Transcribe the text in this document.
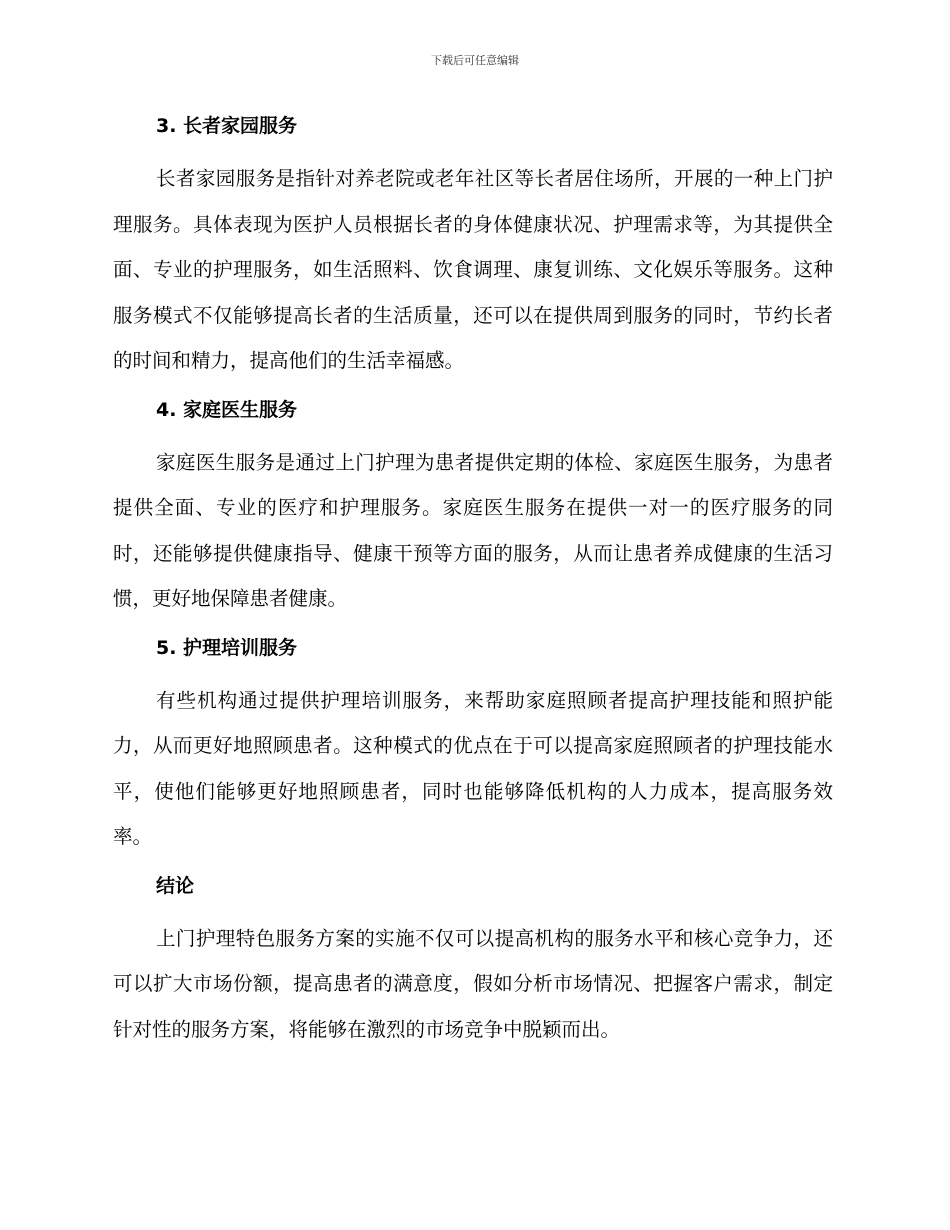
下载后可任意编辑
3. 长者家园服务

长者家园服务是指针对养老院或老年社区等长者居住场所，开展的一种上门护理服务。具体表现为医护人员根据长者的身体健康状况、护理需求等，为其提供全面、专业的护理服务，如生活照料、饮食调理、康复训练、文化娱乐等服务。这种服务模式不仅能够提高长者的生活质量，还可以在提供周到服务的同时，节约长者的时间和精力，提高他们的生活幸福感。

4. 家庭医生服务

家庭医生服务是通过上门护理为患者提供定期的体检、家庭医生服务，为患者提供全面、专业的医疗和护理服务。家庭医生服务在提供一对一的医疗服务的同时，还能够提供健康指导、健康干预等方面的服务，从而让患者养成健康的生活习惯，更好地保障患者健康。

5. 护理培训服务

有些机构通过提供护理培训服务，来帮助家庭照顾者提高护理技能和照护能力，从而更好地照顾患者。这种模式的优点在于可以提高家庭照顾者的护理技能水平，使他们能够更好地照顾患者，同时也能够降低机构的人力成本，提高服务效率。

结论

上门护理特色服务方案的实施不仅可以提高机构的服务水平和核心竞争力，还可以扩大市场份额，提高患者的满意度，假如分析市场情况、把握客户需求，制定针对性的服务方案，将能够在激烈的市场竞争中脱颖而出。
